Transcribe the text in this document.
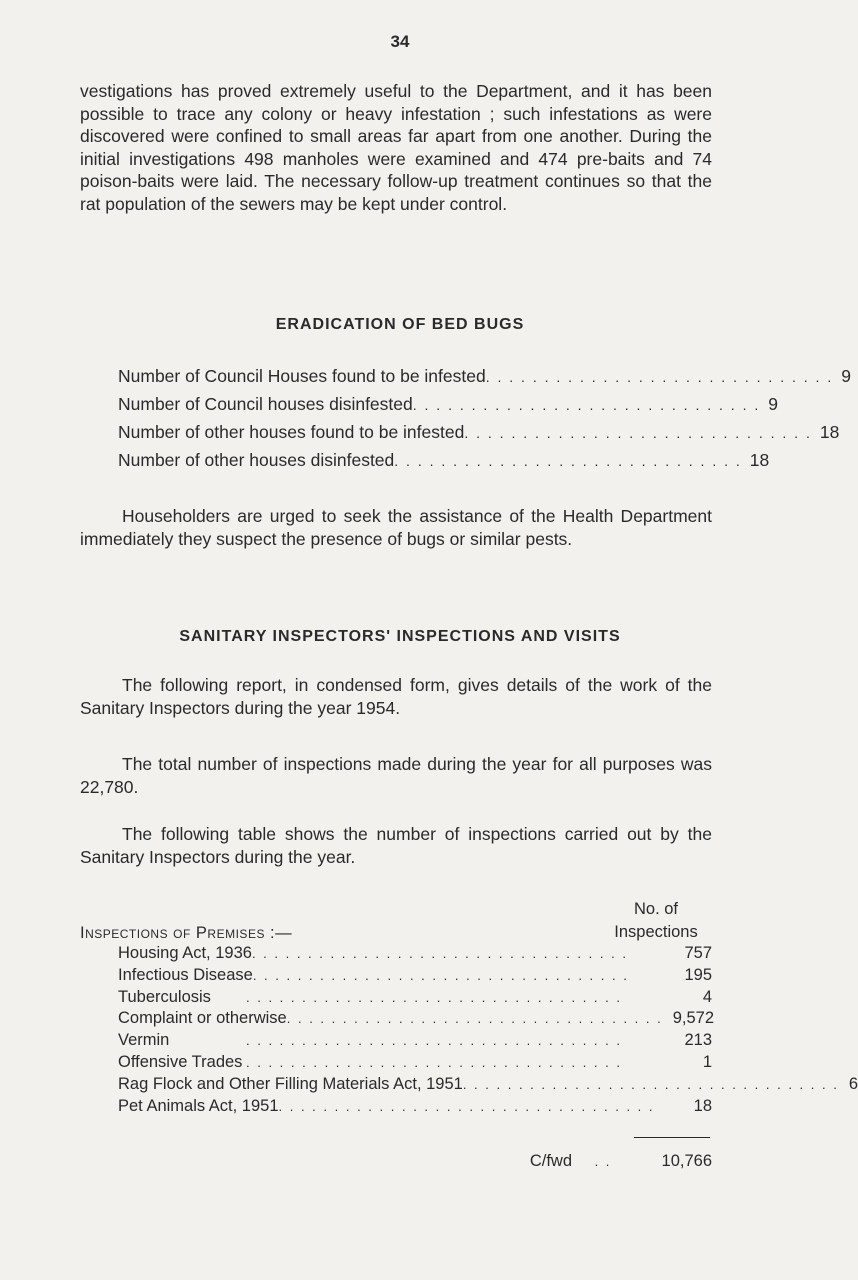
34

vestigations has proved extremely useful to the Department, and it has been possible to trace any colony or heavy infestation ; such infestations as were discovered were confined to small areas far apart from one another. During the initial investigations 498 manholes were examined and 474 pre-baits and 74 poison-baits were laid. The necessary follow-up treatment continues so that the rat population of the sewers may be kept under control.

ERADICATION OF BED BUGS
Number of Council Houses found to be infested . . . . . . . . . . . . . . . . . . . . . . . . . . . . . . 9
Number of Council houses disinfested . . . . . . . . . . . . . . . . . . . . . . . . . . . . . . 9
Number of other houses found to be infested . . . . . . . . . . . . . . . . . . . . . . . . . . . . . . 18
Number of other houses disinfested . . . . . . . . . . . . . . . . . . . . . . . . . . . . . . 18

Householders are urged to seek the assistance of the Health Department immediately they suspect the presence of bugs or similar pests.

SANITARY INSPECTORS' INSPECTIONS AND VISITS

The following report, in condensed form, gives details of the work of the Sanitary Inspectors during the year 1954.

The total number of inspections made during the year for all purposes was 22,780.

The following table shows the number of inspections carried out by the Sanitary Inspectors during the year.

Inspections of Premises :—
No. of
Inspections
Housing Act, 1936 . . . . . . . . . . . . . . . . . . . . . . . . . . . . . . . . . .	757
Infectious Disease . . . . . . . . . . . . . . . . . . . . . . . . . . . . . . . . . .	195
Tuberculosis	. . . . . . . . . . . . . . . . . . . . . . . . . . . . . . . . . .	4
Complaint or otherwise . . . . . . . . . . . . . . . . . . . . . . . . . . . . . . . . . . 9,572
Vermin	. . . . . . . . . . . . . . . . . . . . . . . . . . . . . . . . . .	213
Offensive Trades . . . . . . . . . . . . . . . . . . . . . . . . . . . . . . . . . .	1
Rag Flock and Other Filling Materials Act, 1951 . . . . . . . . . . . . . . . . . . . . . . . . . . . . . . . . . . 6
Pet Animals Act, 1951 . . . . . . . . . . . . . . . . . . . . . . . . . . . . . . . . . .	18
C/fwd	. .	10,766
